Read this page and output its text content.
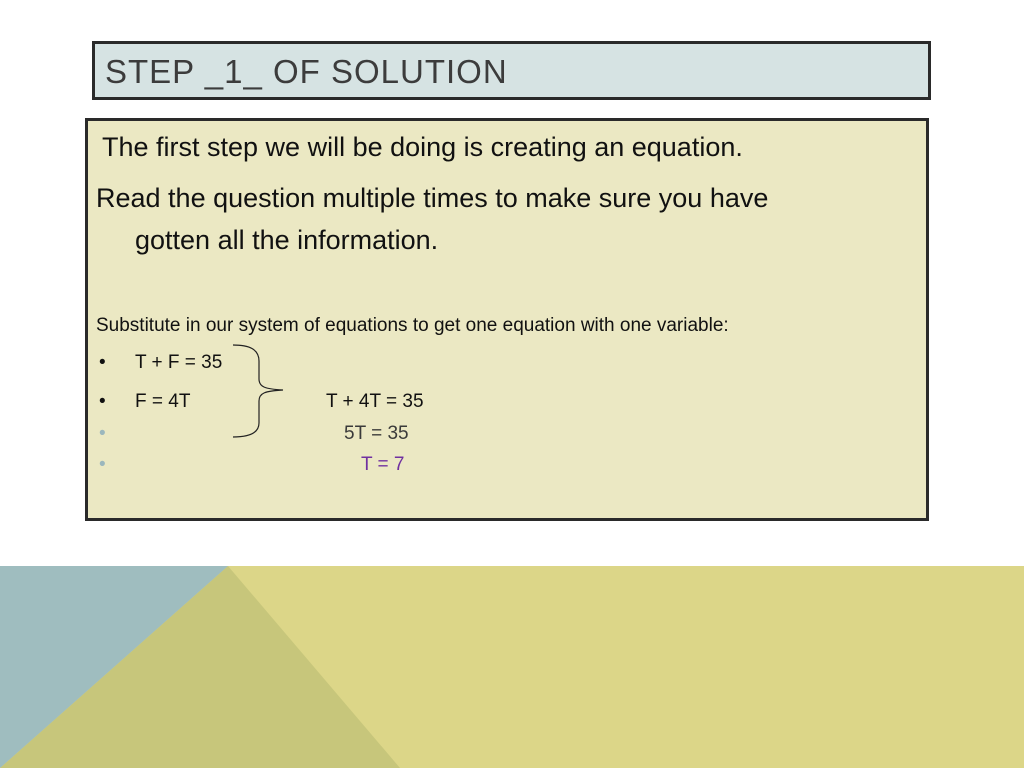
STEP _1_ OF SOLUTION
The first step we will be doing is creating an equation.
Read the question multiple times to make sure you have
gotten all the information.
Substitute in our system of equations to get one equation with one variable:
• T + F = 35
• F = 4T	T + 4T = 35
•	5T = 35
•	T = 7
